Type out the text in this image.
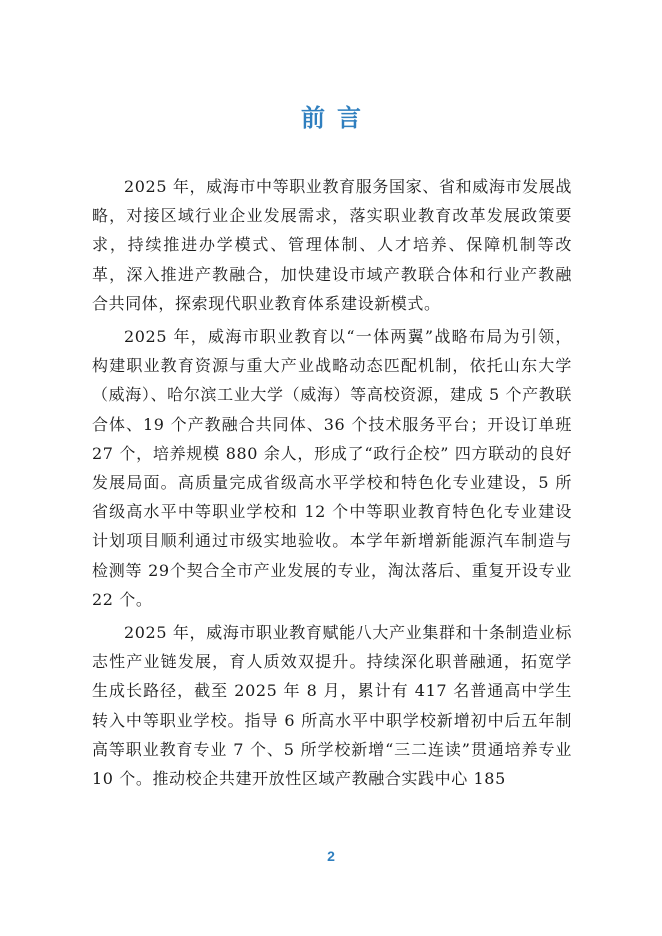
前言

2025 年，威海市中等职业教育服务国家、省和威海市发展战略，对接区域行业企业发展需求，落实职业教育改革发展政策要求，持续推进办学模式、管理体制、人才培养、保障机制等改革，深入推进产教融合，加快建设市域产教联合体和行业产教融合共同体，探索现代职业教育体系建设新模式。

2025 年，威海市职业教育以“一体两翼”战略布局为引领，构建职业教育资源与重大产业战略动态匹配机制，依托山东大学（威海）、哈尔滨工业大学（威海）等高校资源，建成 5 个产教联合体、19 个产教融合共同体、36 个技术服务平台；开设订单班 27 个，培养规模 880 余人，形成了“政行企校” 四方联动的良好发展局面。高质量完成省级高水平学校和特色化专业建设，5 所省级高水平中等职业学校和 12 个中等职业教育特色化专业建设计划项目顺利通过市级实地验收。本学年新增新能源汽车制造与检测等 29个契合全市产业发展的专业，淘汰落后、重复开设专业 22 个。

2025 年，威海市职业教育赋能八大产业集群和十条制造业标志性产业链发展，育人质效双提升。持续深化职普融通，拓宽学生成长路径，截至 2025 年 8 月，累计有 417 名普通高中学生转入中等职业学校。指导 6 所高水平中职学校新增初中后五年制高等职业教育专业 7 个、5 所学校新增“三二连读”贯通培养专业 10 个。推动校企共建开放性区域产教融合实践中心 185

2
